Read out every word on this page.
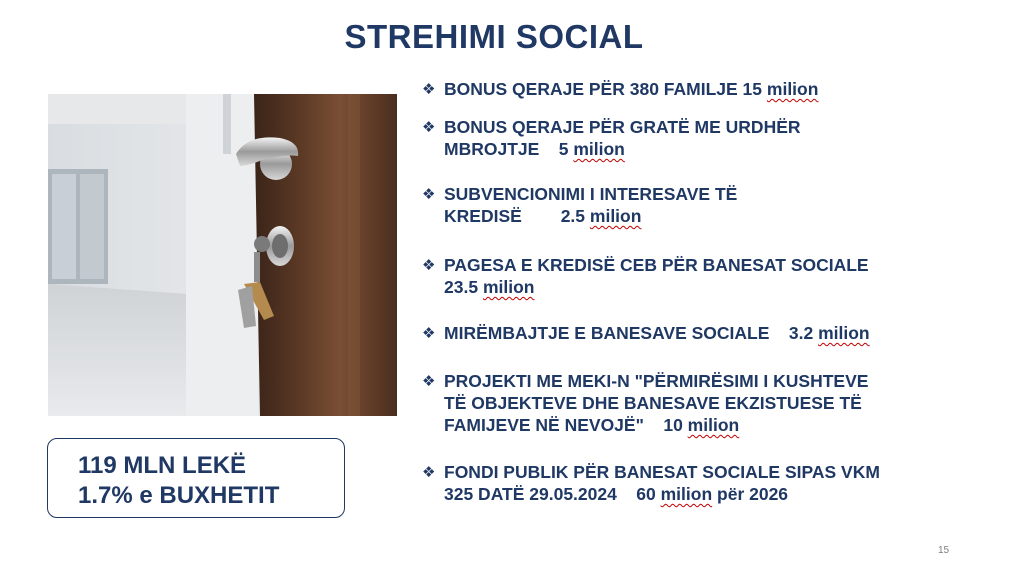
STREHIMI SOCIAL
❖ BONUS QERAJE PËR 380 FAMILJE 15 milion
❖ BONUS QERAJE PËR GRATË ME URDHËR
MBROJTJE    5 milion
❖ SUBVENCIONIMI I INTERESAVE TË
KREDISË        2.5 milion
❖ PAGESA E KREDISË CEB PËR BANESAT SOCIALE
23.5 milion
❖ MIRËMBAJTJE E BANESAVE SOCIALE    3.2 milion
❖ PROJEKTI ME MEKI-N "PËRMIRËSIMI I KUSHTEVE
TË OBJEKTEVE DHE BANESAVE EKZISTUESE TË
FAMIJEVE NË NEVOJË"    10 milion
❖ FONDI PUBLIK PËR BANESAT SOCIALE SIPAS VKM
325 DATË 29.05.2024    60 milion për 2026
119 MLN LEKË
1.7% e BUXHETIT
15
